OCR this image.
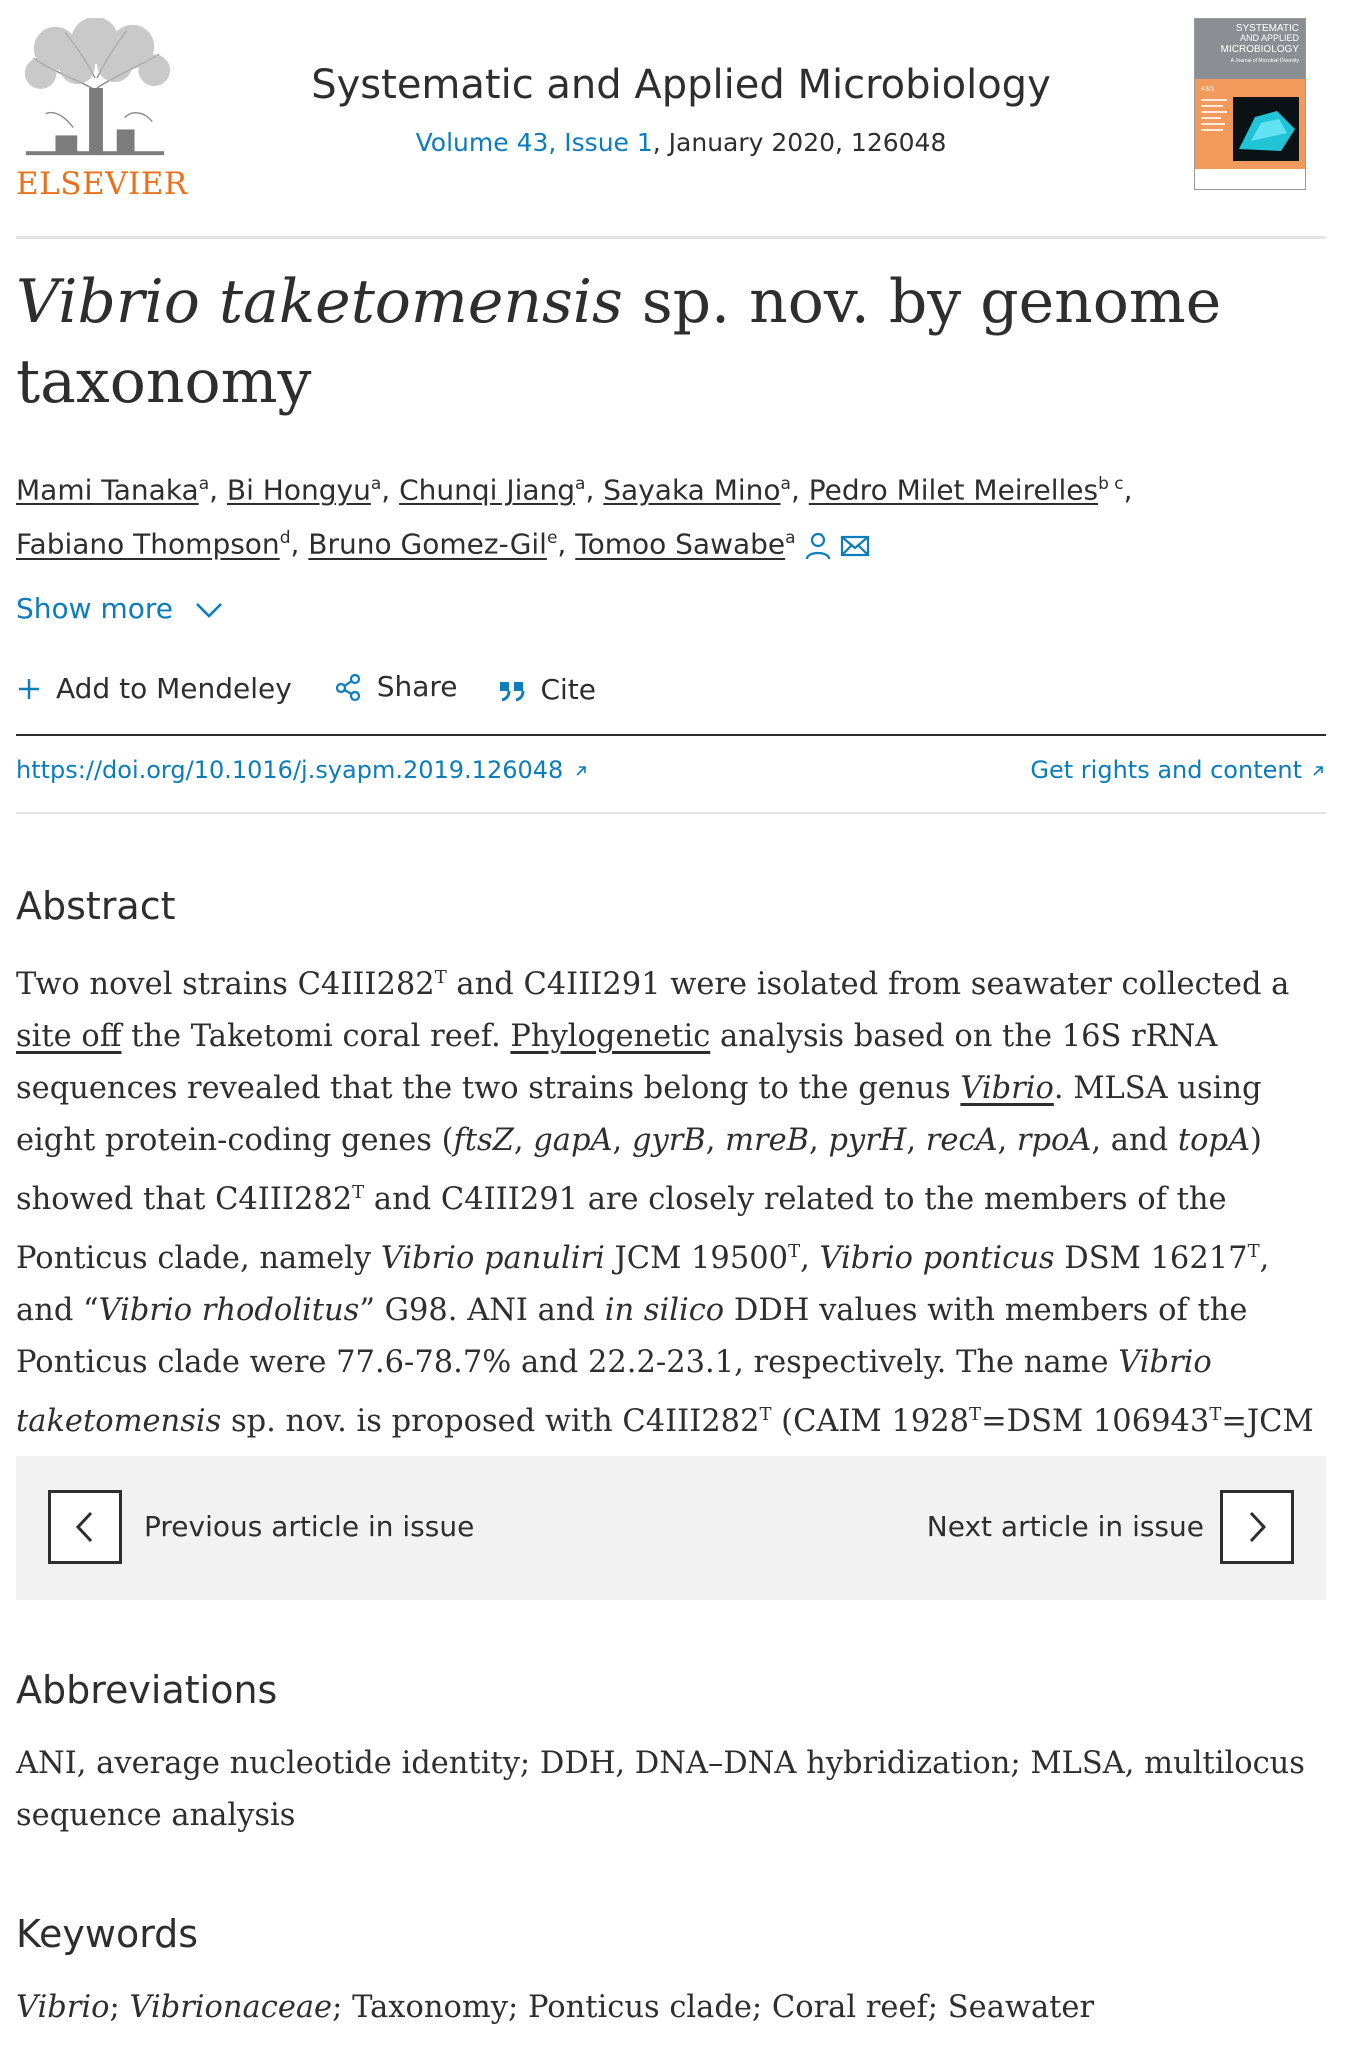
ELSEVIER
Systematic and Applied Microbiology
Volume 43, Issue 1, January 2020, 126048
SYSTEMATIC
AND APPLIED
MICROBIOLOGY
A Journal of Microbial Diversity
43/1
Vibrio taketomensis sp. nov. by genome taxonomy
Mami Tanaka$^a$, Bi Hongyu$^a$, Chunqi Jiang$^a$, Sayaka Mino$^a$, Pedro Milet Meirelles$^{b c}$,
Fabiano Thompson$^d$, Bruno Gomez-Gil$^e$, Tomoo Sawabe$^a$
Show more
Add to Mendeley
	Share
	Cite
https://doi.org/10.1016/j.syapm.2019.126048	Get rights and content
Abstract
Two novel strains $C4III282^T$ and C4III291 were isolated from seawater collected a site off the Taketomi coral reef. Phylogenetic analysis based on the 16S rRNA sequences revealed that the two strains belong to the genus Vibrio. MLSA using eight protein-coding genes (ftsZ, gapA, gyrB, mreB, pyrH, recA, rpoA, and topA) showed that $C4III282^T$ and C4III291 are closely related to the members of the Ponticus clade, namely Vibrio panuliri JCM $19500^T$, Vibrio ponticus DSM $16217^T$, and “Vibrio rhodolitus” G98. ANI and in silico DDH values with members of the Ponticus clade were 77.6-78.7% and 22.2-23.1, respectively. The name Vibrio taketomensis sp. nov. is proposed with $C4III282^T$ (CAIM $1928^T=DSM$ $106943^T=JCM$
Previous article in issue	Next article in issue
Abbreviations
ANI, average nucleotide identity; DDH, DNA–DNA hybridization; MLSA, multilocus sequence analysis
Keywords
Vibrio; Vibrionaceae; Taxonomy; Ponticus clade; Coral reef; Seawater
